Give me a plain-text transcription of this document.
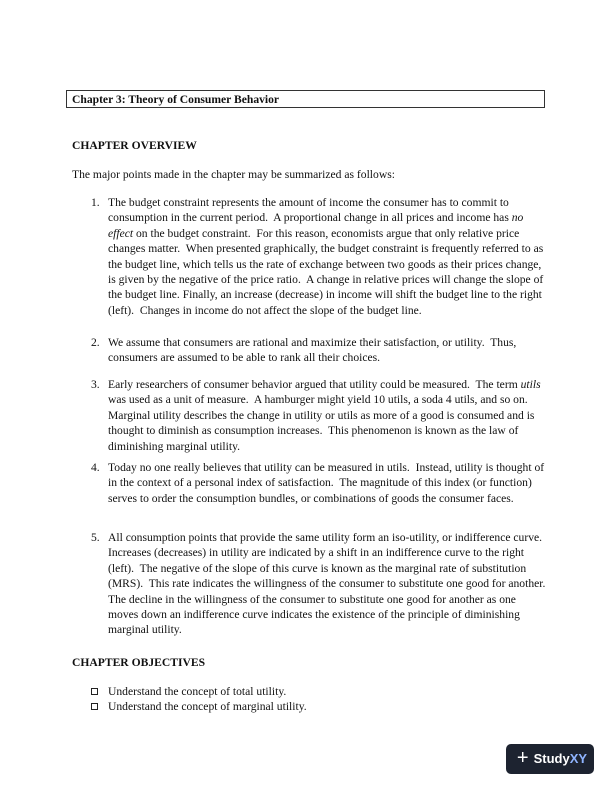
Chapter 3: Theory of Consumer Behavior
CHAPTER OVERVIEW
The major points made in the chapter may be summarized as follows:
1. The budget constraint represents the amount of income the consumer has to commit to consumption in the current period.  A proportional change in all prices and income has no effect on the budget constraint.  For this reason, economists argue that only relative price changes matter.  When presented graphically, the budget constraint is frequently referred to as the budget line, which tells us the rate of exchange between two goods as their prices change, is given by the negative of the price ratio.  A change in relative prices will change the slope of the budget line. Finally, an increase (decrease) in income will shift the budget line to the right (left).  Changes in income do not affect the slope of the budget line.
2. We assume that consumers are rational and maximize their satisfaction, or utility.  Thus, consumers are assumed to be able to rank all their choices.
3. Early researchers of consumer behavior argued that utility could be measured.  The term utils was used as a unit of measure.  A hamburger might yield 10 utils, a soda 4 utils, and so on.  Marginal utility describes the change in utility or utils as more of a good is consumed and is thought to diminish as consumption increases.  This phenomenon is known as the law of diminishing marginal utility.
4. Today no one really believes that utility can be measured in utils.  Instead, utility is thought of in the context of a personal index of satisfaction.  The magnitude of this index (or function) serves to order the consumption bundles, or combinations of goods the consumer faces.
5. All consumption points that provide the same utility form an iso-utility, or indifference curve.  Increases (decreases) in utility are indicated by a shift in an indifference curve to the right (left).  The negative of the slope of this curve is known as the marginal rate of substitution (MRS).  This rate indicates the willingness of the consumer to substitute one good for another.  The decline in the willingness of the consumer to substitute one good for another as one moves down an indifference curve indicates the existence of the principle of diminishing marginal utility.
CHAPTER OBJECTIVES
Understand the concept of total utility.
Understand the concept of marginal utility.
+ StudyXY
